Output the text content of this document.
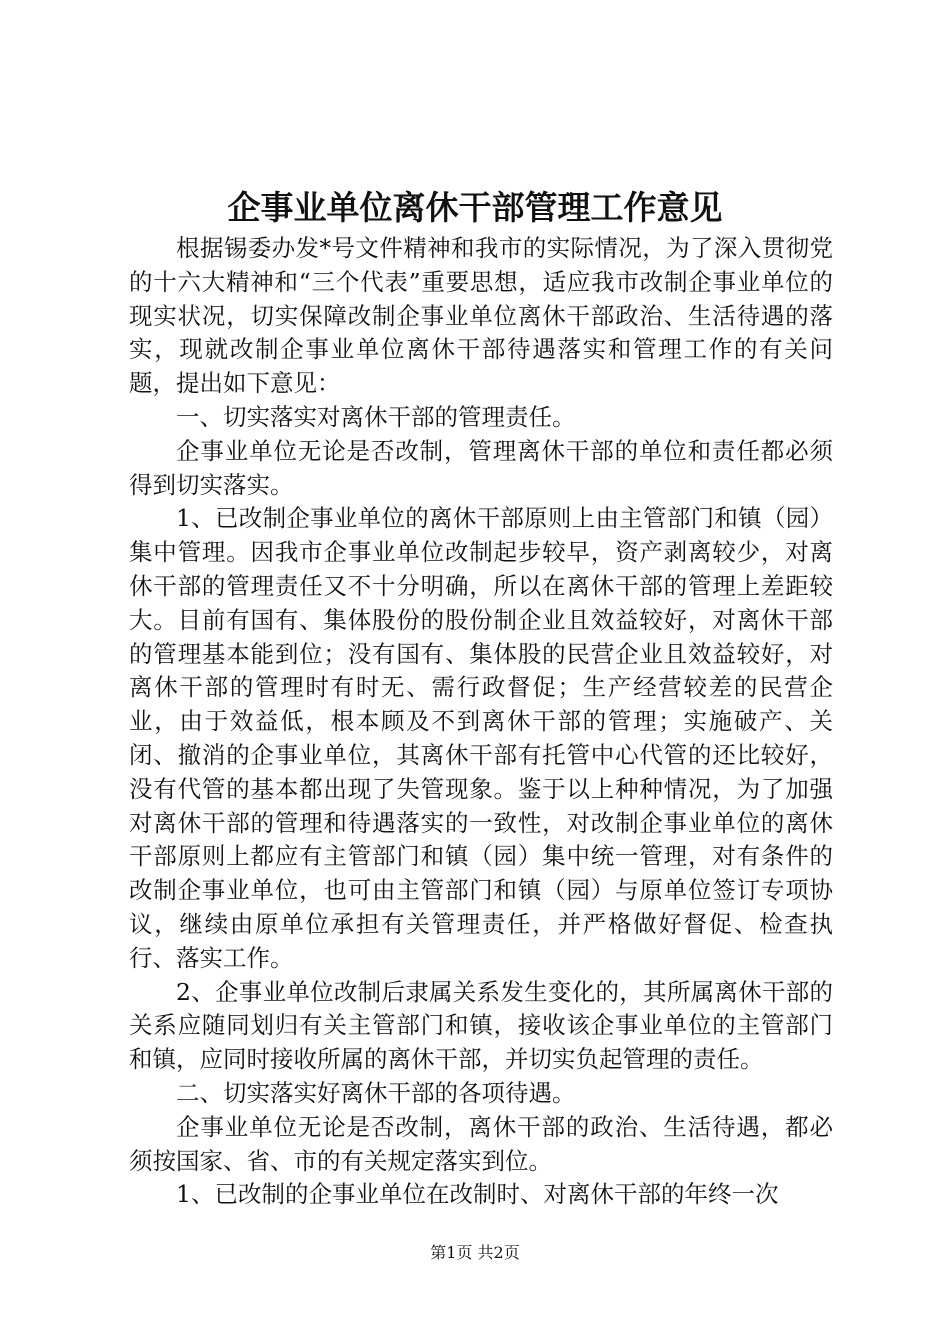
企事业单位离休干部管理工作意见

根据锡委办发*号文件精神和我市的实际情况，为了深入贯彻党的十六大精神和“三个代表”重要思想，适应我市改制企事业单位的现实状况，切实保障改制企事业单位离休干部政治、生活待遇的落实，现就改制企事业单位离休干部待遇落实和管理工作的有关问题，提出如下意见：

一、切实落实对离休干部的管理责任。

企事业单位无论是否改制，管理离休干部的单位和责任都必须得到切实落实。

1、已改制企事业单位的离休干部原则上由主管部门和镇（园）集中管理。因我市企事业单位改制起步较早，资产剥离较少，对离休干部的管理责任又不十分明确，所以在离休干部的管理上差距较大。目前有国有、集体股份的股份制企业且效益较好，对离休干部的管理基本能到位；没有国有、集体股的民营企业且效益较好，对离休干部的管理时有时无、需行政督促；生产经营较差的民营企业，由于效益低，根本顾及不到离休干部的管理；实施破产、关闭、撤消的企事业单位，其离休干部有托管中心代管的还比较好，没有代管的基本都出现了失管现象。鉴于以上种种情况，为了加强对离休干部的管理和待遇落实的一致性，对改制企事业单位的离休干部原则上都应有主管部门和镇（园）集中统一管理，对有条件的改制企事业单位，也可由主管部门和镇（园）与原单位签订专项协议，继续由原单位承担有关管理责任，并严格做好督促、检查执行、落实工作。

2、企事业单位改制后隶属关系发生变化的，其所属离休干部的关系应随同划归有关主管部门和镇，接收该企事业单位的主管部门和镇，应同时接收所属的离休干部，并切实负起管理的责任。

二、切实落实好离休干部的各项待遇。

企事业单位无论是否改制，离休干部的政治、生活待遇，都必须按国家、省、市的有关规定落实到位。

1、已改制的企事业单位在改制时、对离休干部的年终一次

第1页 共2页
